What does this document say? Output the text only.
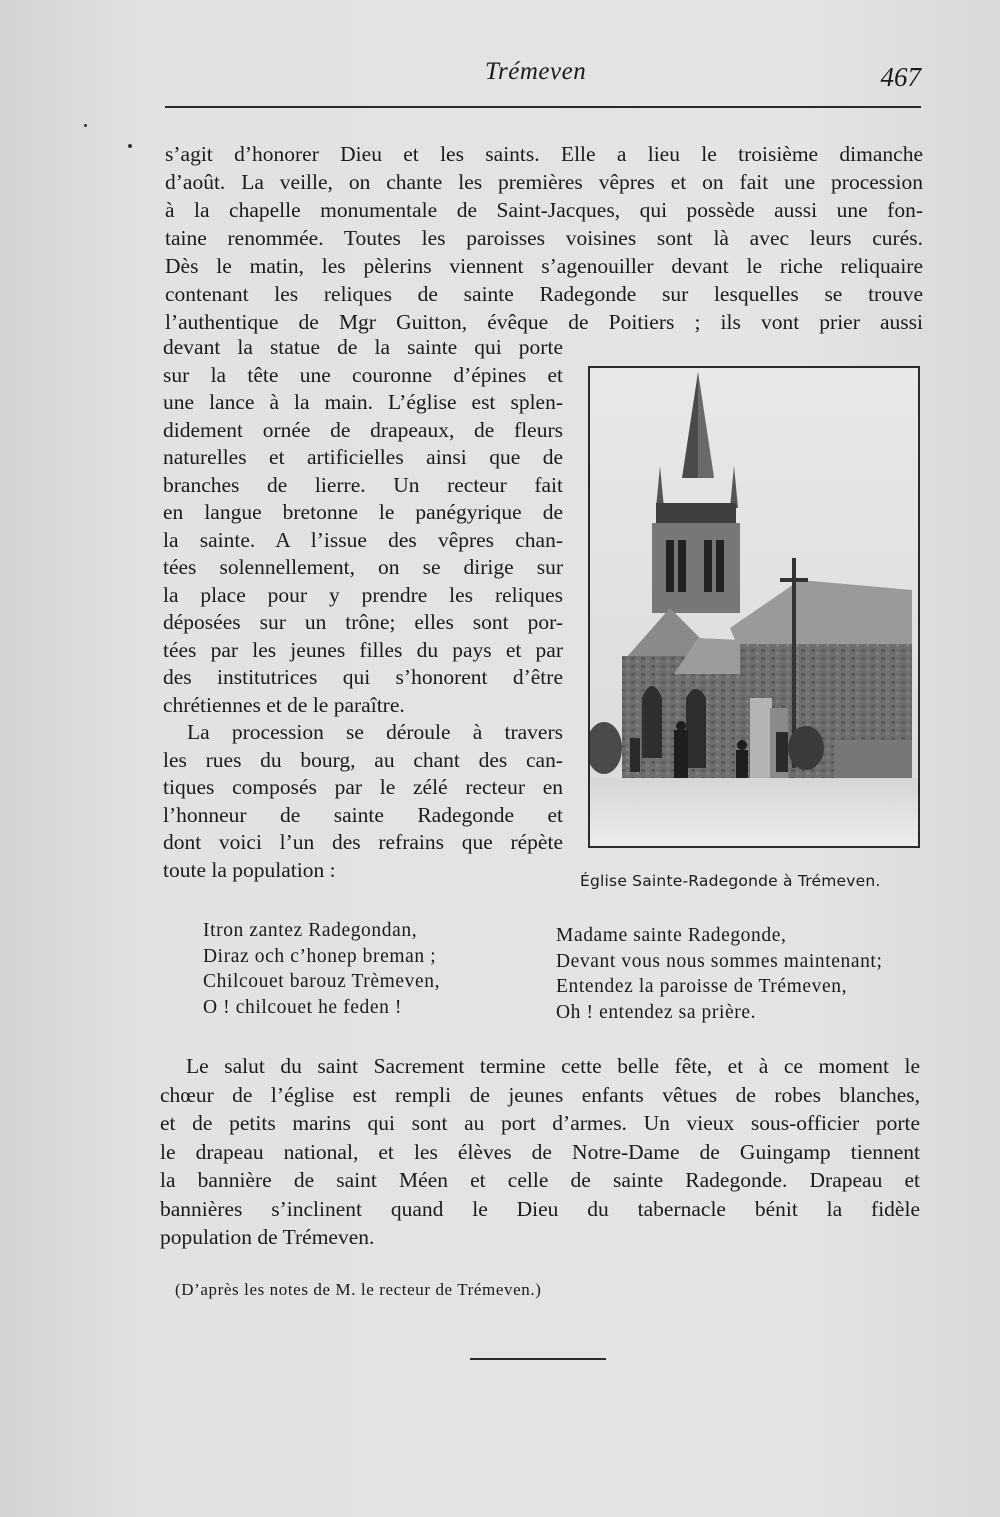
Trémeven	467
s’agit d’honorer Dieu et les saints. Elle a lieu le troisième dimanche
d’août. La veille, on chante les premières vêpres et on fait une procession
à la chapelle monumentale de Saint-Jacques, qui possède aussi une fon-
taine renommée. Toutes les paroisses voisines sont là avec leurs curés.
Dès le matin, les pèlerins viennent s’agenouiller devant le riche reliquaire
contenant les reliques de sainte Radegonde sur lesquelles se trouve
l’authentique de Mgr Guitton, évêque de Poitiers ; ils vont prier aussi
devant la statue de la sainte qui porte
sur la tête une couronne d’épines et
une lance à la main. L’église est splen-
didement ornée de drapeaux, de fleurs
naturelles et artificielles ainsi que de
branches de lierre. Un recteur fait
en langue bretonne le panégyrique de
la sainte. A l’issue des vêpres chan-
tées solennellement, on se dirige sur
la place pour y prendre les reliques
déposées sur un trône; elles sont por-
tées par les jeunes filles du pays et par
des institutrices qui s’honorent d’être
chrétiennes et de le paraître.
La procession se déroule à travers
les rues du bourg, au chant des can-
tiques composés par le zélé recteur en
l’honneur de sainte Radegonde et
dont voici l’un des refrains que répète
toute la population :	Église Sainte-Radegonde à Trémeven.
Itron zantez Radegondan,
Diraz och c’honep breman ;
Chilcouet barouz Trèmeven,
O ! chilcouet he feden !
Madame sainte Radegonde,
Devant vous nous sommes maintenant;
Entendez la paroisse de Trémeven,
Oh ! entendez sa prière.
Le salut du saint Sacrement termine cette belle fête, et à ce moment le
chœur de l’église est rempli de jeunes enfants vêtues de robes blanches,
et de petits marins qui sont au port d’armes. Un vieux sous-officier porte
le drapeau national, et les élèves de Notre-Dame de Guingamp tiennent
la bannière de saint Méen et celle de sainte Radegonde. Drapeau et
bannières s’inclinent quand le Dieu du tabernacle bénit la fidèle
population de Trémeven.
(D’après les notes de M. le recteur de Trémeven.)
